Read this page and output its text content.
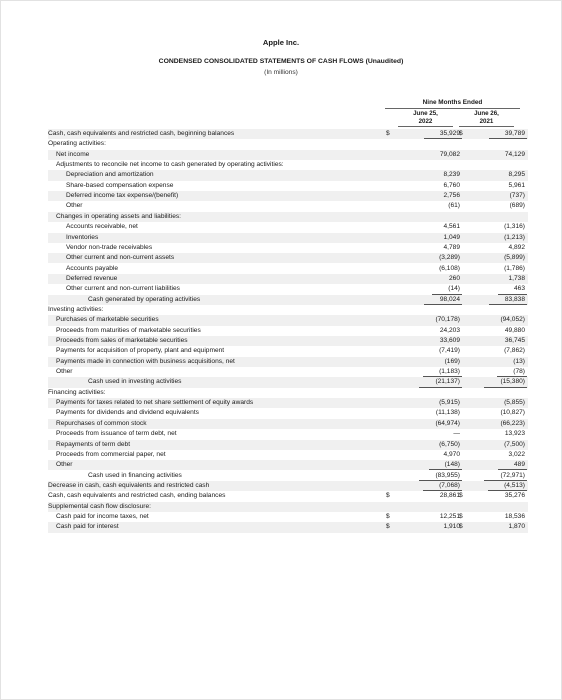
Apple Inc.
CONDENSED CONSOLIDATED STATEMENTS OF CASH FLOWS (Unaudited)
(In millions)
Nine Months Ended
June 25,
2022
June 26,
2021
Cash, cash equivalents and restricted cash, beginning balances	$	35,929 $	39,789
Operating activities:
Net income	79,082	74,129
Adjustments to reconcile net income to cash generated by operating activities:
Depreciation and amortization	8,239	8,295
Share-based compensation expense	6,760	5,961
Deferred income tax expense/(benefit)	2,756	(737)
Other	(61)	(689)
Changes in operating assets and liabilities:
Accounts receivable, net	4,561	(1,316)
Inventories	1,049	(1,213)
Vendor non-trade receivables	4,789	4,892
Other current and non-current assets	(3,289)	(5,899)
Accounts payable	(6,108)	(1,786)
Deferred revenue	260	1,738
Other current and non-current liabilities	(14)	463
Cash generated by operating activities	98,024	83,838
Investing activities:
Purchases of marketable securities	(70,178)	(94,052)
Proceeds from maturities of marketable securities	24,203	49,880
Proceeds from sales of marketable securities	33,609	36,745
Payments for acquisition of property, plant and equipment	(7,419)	(7,862)
Payments made in connection with business acquisitions, net	(169)	(13)
Other	(1,183)	(78)
Cash used in investing activities	(21,137)	(15,380)
Financing activities:
Payments for taxes related to net share settlement of equity awards	(5,915)	(5,855)
Payments for dividends and dividend equivalents	(11,138)	(10,827)
Repurchases of common stock	(64,974)	(66,223)
Proceeds from issuance of term debt, net	—	13,923
Repayments of term debt	(6,750)	(7,500)
Proceeds from commercial paper, net	4,970	3,022
Other	(148)	489
Cash used in financing activities	(83,955)	(72,971)
Decrease in cash, cash equivalents and restricted cash	(7,068)	(4,513)
Cash, cash equivalents and restricted cash, ending balances	$	28,861 $	35,276
Supplemental cash flow disclosure:
Cash paid for income taxes, net	$	12,251 $	18,536
Cash paid for interest	$	1,910 $	1,870
